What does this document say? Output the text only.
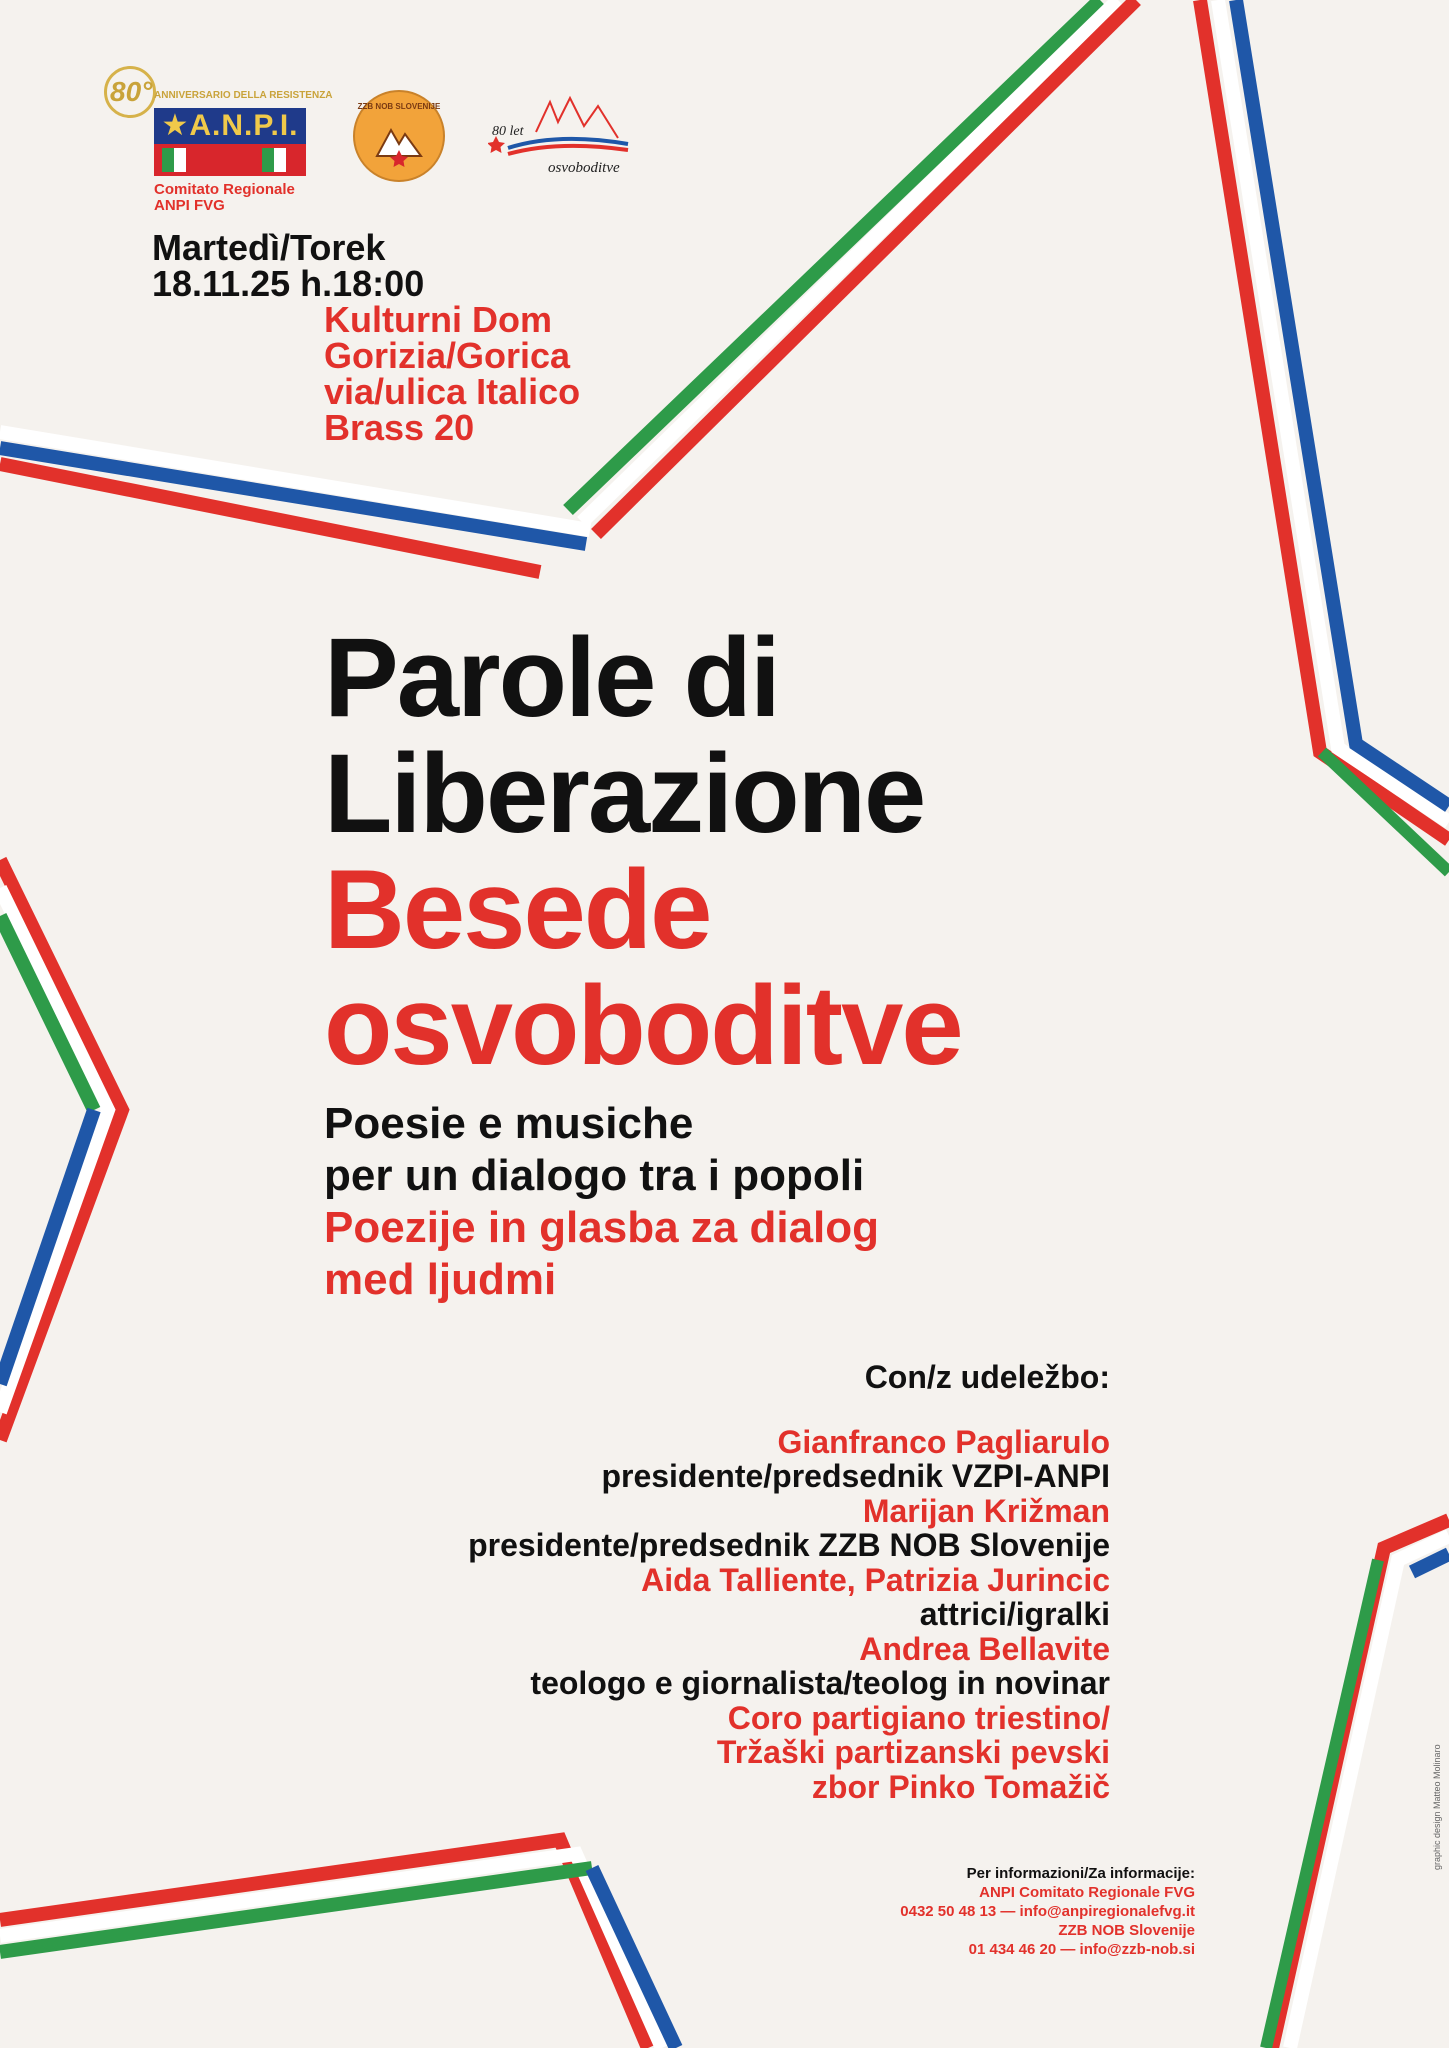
80° ANNIVERSARIO DELLA RESISTENZA
★A.N.P.I.
Comitato Regionale
ANPI FVG
ZZB NOB SLOVENIJE
80 let
osvoboditve
Martedì/Torek
18.11.25 h.18:00
Kulturni Dom
Gorizia/Gorica
via/ulica Italico
Brass 20
Parole di
Liberazione
Besede
osvoboditve
Poesie e musiche
per un dialogo tra i popoli
Poezije in glasba za dialog
med ljudmi
Con/z udeležbo:
Gianfranco Pagliarulo
presidente/predsednik VZPI-ANPI
Marijan Križman
presidente/predsednik ZZB NOB Slovenije
Aida Talliente, Patrizia Jurincic
attrici/igralki
Andrea Bellavite
teologo e giornalista/teolog in novinar
Coro partigiano triestino/
Tržaški partizanski pevski
zbor Pinko Tomažič
Per informazioni/Za informacije:
ANPI Comitato Regionale FVG
0432 50 48 13 — info@anpiregionalefvg.it
ZZB NOB Slovenije
01 434 46 20 — info@zzb-nob.si
graphic design Matteo Molinaro
